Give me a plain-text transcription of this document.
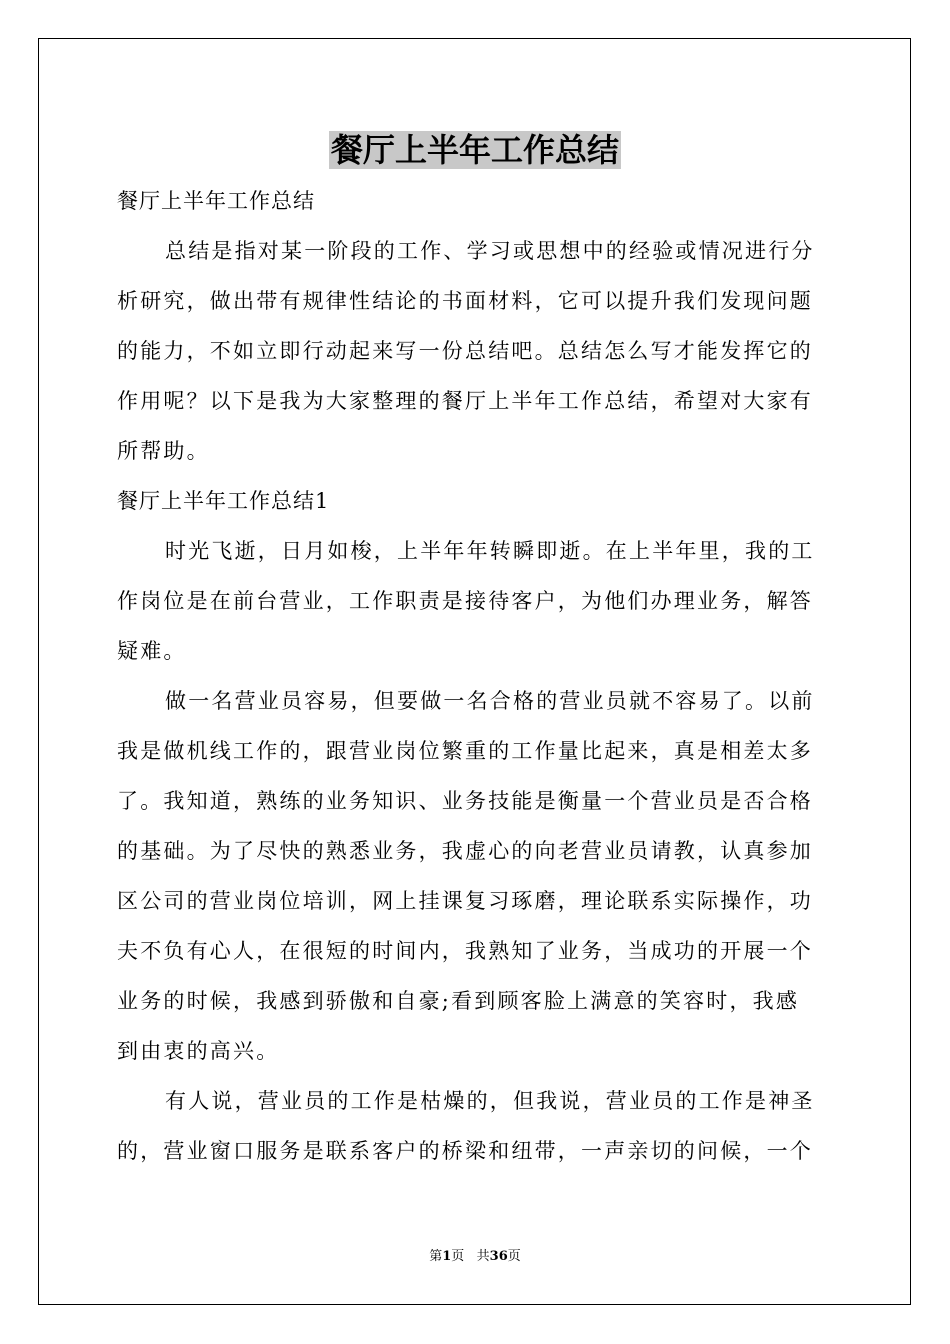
餐厅上半年工作总结
餐厅上半年工作总结
总结是指对某一阶段的工作、学习或思想中的经验或情况进行分
析研究，做出带有规律性结论的书面材料，它可以提升我们发现问题
的能力，不如立即行动起来写一份总结吧。总结怎么写才能发挥它的
作用呢？以下是我为大家整理的餐厅上半年工作总结，希望对大家有
所帮助。
餐厅上半年工作总结1
时光飞逝，日月如梭，上半年年转瞬即逝。在上半年里，我的工
作岗位是在前台营业，工作职责是接待客户，为他们办理业务，解答
疑难。
做一名营业员容易，但要做一名合格的营业员就不容易了。以前
我是做机线工作的，跟营业岗位繁重的工作量比起来，真是相差太多
了。我知道，熟练的业务知识、业务技能是衡量一个营业员是否合格
的基础。为了尽快的熟悉业务，我虚心的向老营业员请教，认真参加
区公司的营业岗位培训，网上挂课复习琢磨，理论联系实际操作，功
夫不负有心人，在很短的时间内，我熟知了业务，当成功的开展一个
业务的时候，我感到骄傲和自豪;看到顾客脸上满意的笑容时，我感
到由衷的高兴。
有人说，营业员的工作是枯燥的，但我说，营业员的工作是神圣
的，营业窗口服务是联系客户的桥梁和纽带，一声亲切的问候，一个
第1页   共36页
